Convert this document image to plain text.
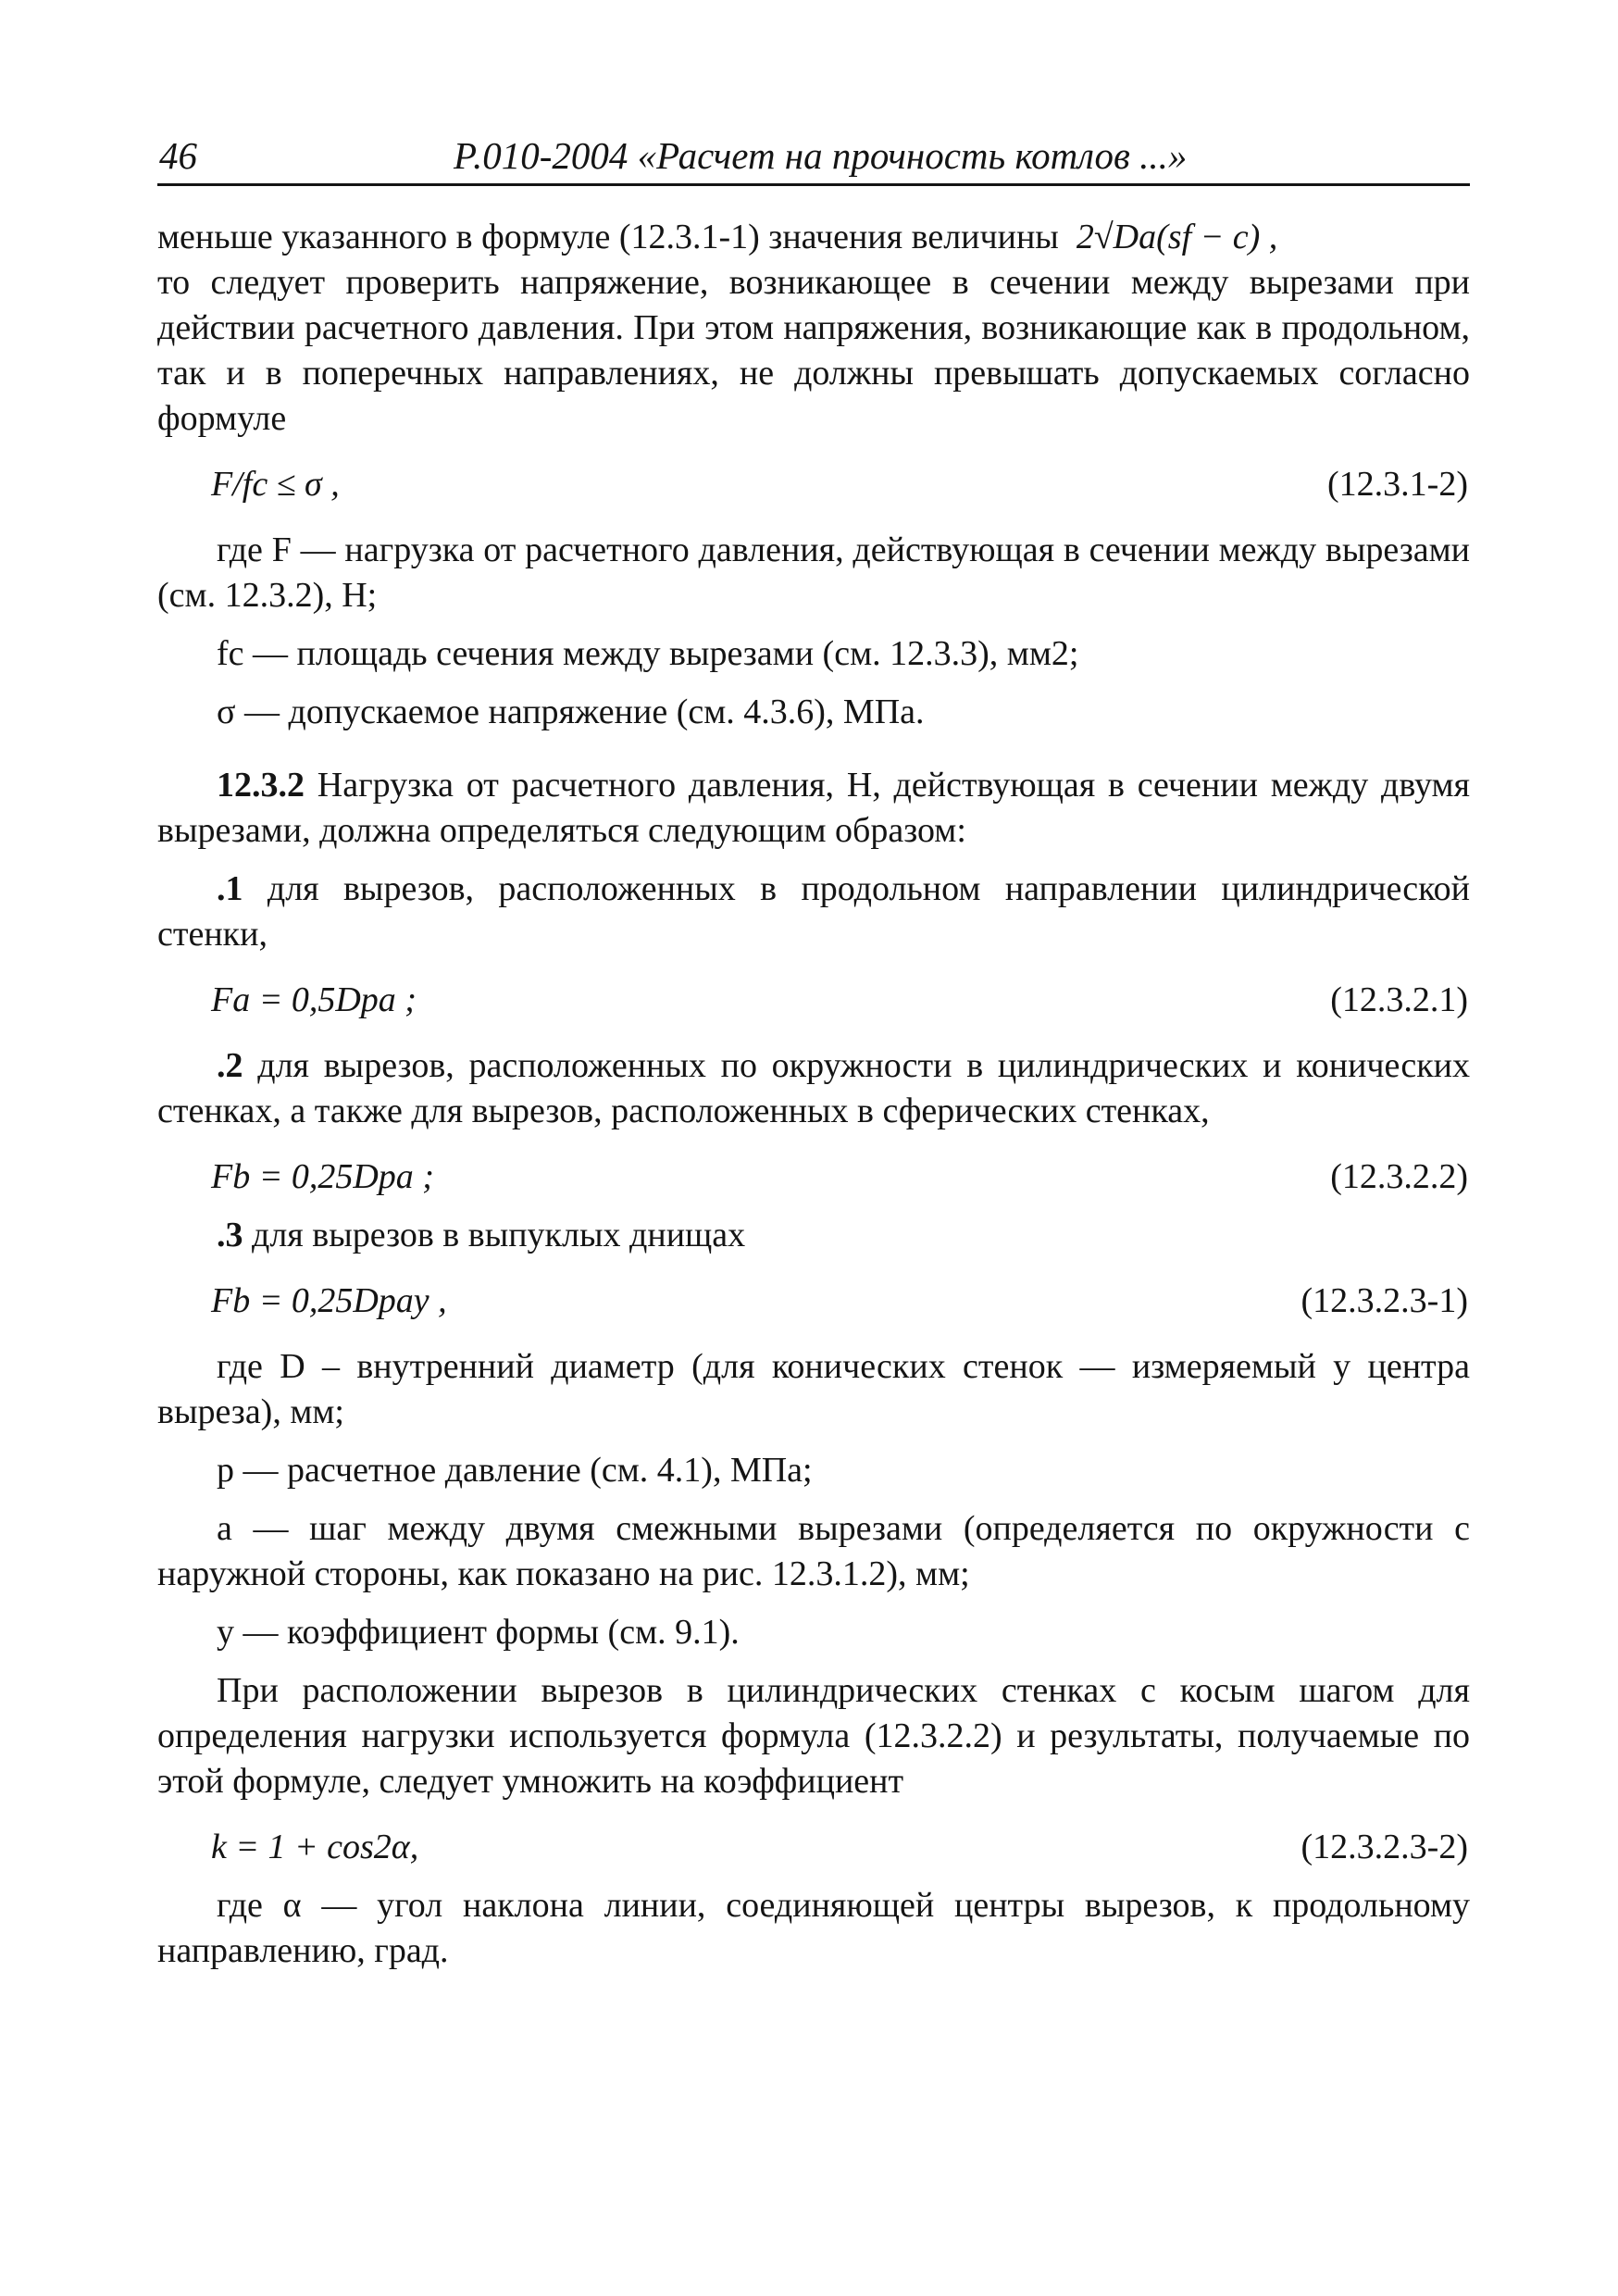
46	Р.010-2004 «Расчет на прочность котлов ...»

меньше указанного в формуле (12.3.1-1) значения величины 2√Da(sf − c) ,

то следует проверить напряжение, возникающее в сечении между вырезами при действии расчетного давления. При этом напряжения, возникающие как в продольном, так и в поперечных направлениях, не должны превышать допускаемых согласно формуле

F/fc ≤ σ ,	(12.3.1-2)

где F — нагрузка от расчетного давления, действующая в сечении между вырезами (см. 12.3.2), Н;

fc — площадь сечения между вырезами (см. 12.3.3), мм2;

σ — допускаемое напряжение (см. 4.3.6), МПа.

12.3.2 Нагрузка от расчетного давления, Н, действующая в сечении между двумя вырезами, должна определяться следующим образом:

.1 для вырезов, расположенных в продольном направлении цилиндрической стенки,

Fa = 0,5Dpa ;	(12.3.2.1)

.2 для вырезов, расположенных по окружности в цилиндрических и конических стенках, а также для вырезов, расположенных в сферических стенках,

Fb = 0,25Dpa ;	(12.3.2.2)

.3 для вырезов в выпуклых днищах

Fb = 0,25Dpay ,	(12.3.2.3-1)

где D – внутренний диаметр (для конических стенок — измеряемый у центра выреза), мм;

p — расчетное давление (см. 4.1), МПа;

a — шаг между двумя смежными вырезами (определяется по окружности с наружной стороны, как показано на рис. 12.3.1.2), мм;

y — коэффициент формы (см. 9.1).

При расположении вырезов в цилиндрических стенках с косым шагом для определения нагрузки используется формула (12.3.2.2) и результаты, получаемые по этой формуле, следует умножить на коэффициент

k = 1 + cos2α,	(12.3.2.3-2)

где α — угол наклона линии, соединяющей центры вырезов, к продольному направлению, град.
